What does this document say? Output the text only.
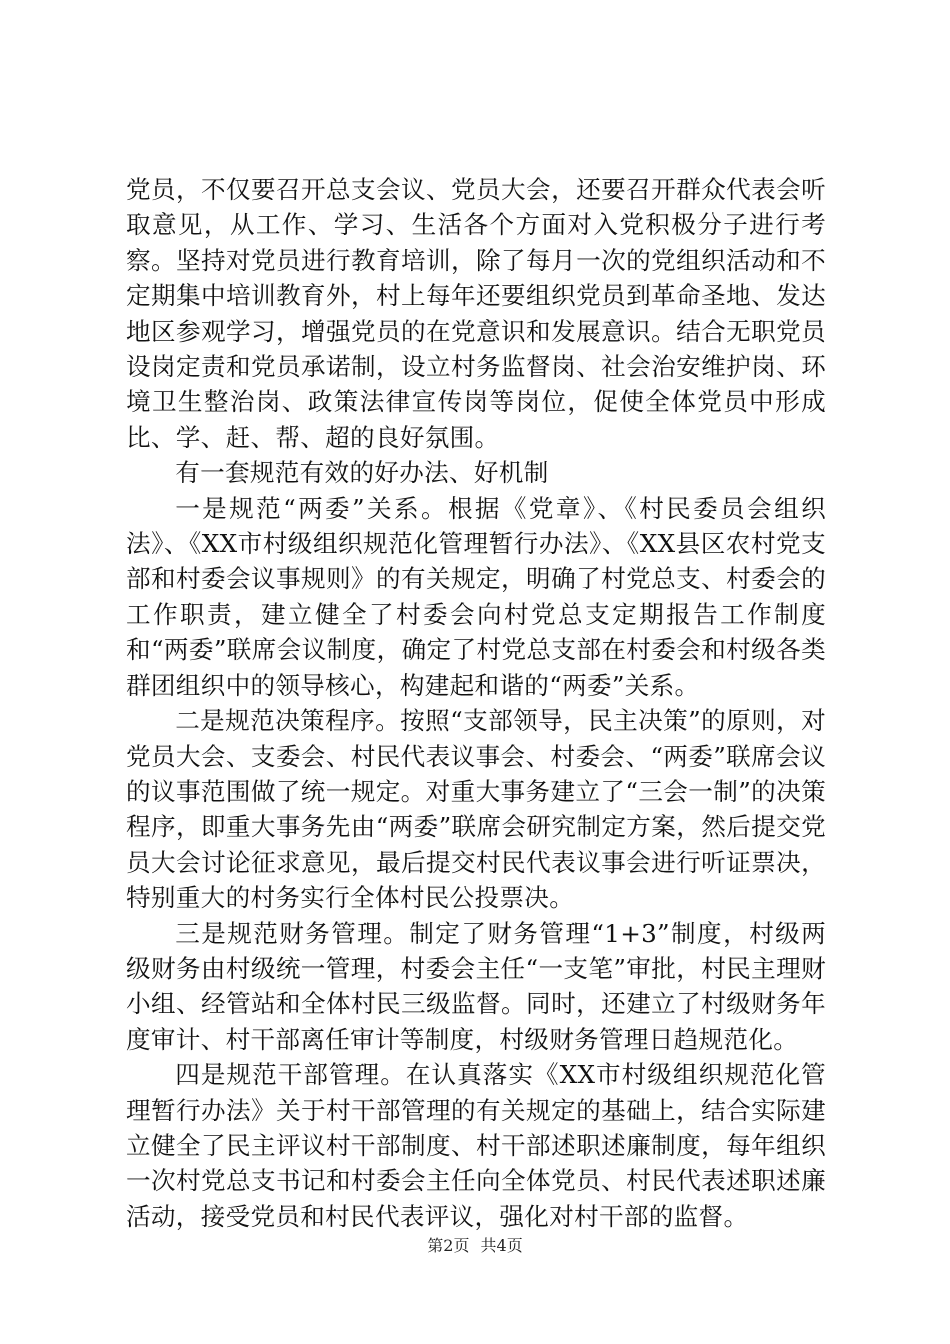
党员，不仅要召开总支会议、党员大会，还要召开群众代表会听取意见，从工作、学习、生活各个方面对入党积极分子进行考察。坚持对党员进行教育培训，除了每月一次的党组织活动和不定期集中培训教育外，村上每年还要组织党员到革命圣地、发达地区参观学习，增强党员的在党意识和发展意识。结合无职党员设岗定责和党员承诺制，设立村务监督岗、社会治安维护岗、环境卫生整治岗、政策法律宣传岗等岗位，促使全体党员中形成比、学、赶、帮、超的良好氛围。

有一套规范有效的好办法、好机制

一是规范“两委”关系。根据《党章》、《村民委员会组织法》、《XX市村级组织规范化管理暂行办法》、《XX县区农村党支部和村委会议事规则》的有关规定，明确了村党总支、村委会的工作职责，建立健全了村委会向村党总支定期报告工作制度和“两委”联席会议制度，确定了村党总支部在村委会和村级各类群团组织中的领导核心，构建起和谐的“两委”关系。

二是规范决策程序。按照“支部领导，民主决策”的原则，对党员大会、支委会、村民代表议事会、村委会、“两委”联席会议的议事范围做了统一规定。对重大事务建立了“三会一制”的决策程序，即重大事务先由“两委”联席会研究制定方案，然后提交党员大会讨论征求意见，最后提交村民代表议事会进行听证票决，特别重大的村务实行全体村民公投票决。

三是规范财务管理。制定了财务管理“1+3”制度，村级两级财务由村级统一管理，村委会主任“一支笔”审批，村民主理财小组、经管站和全体村民三级监督。同时，还建立了村级财务年度审计、村干部离任审计等制度，村级财务管理日趋规范化。

四是规范干部管理。在认真落实《XX市村级组织规范化管理暂行办法》关于村干部管理的有关规定的基础上，结合实际建立健全了民主评议村干部制度、村干部述职述廉制度，每年组织一次村党总支书记和村委会主任向全体党员、村民代表述职述廉活动，接受党员和村民代表评议，强化对村干部的监督。

第2页 共4页
